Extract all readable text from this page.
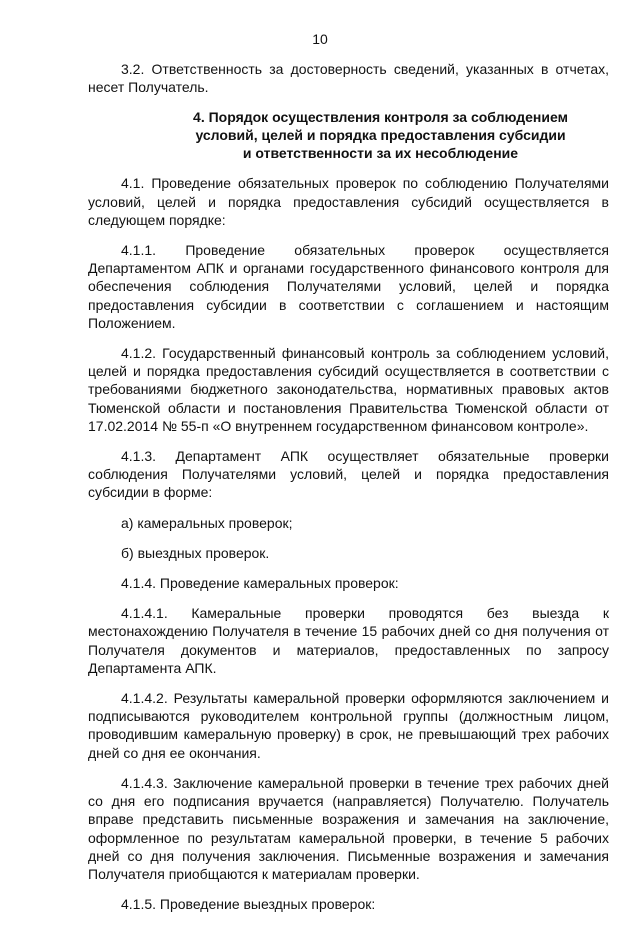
10

3.2. Ответственность за достоверность сведений, указанных в отчетах, несет Получатель.

4. Порядок осуществления контроля за соблюдением
условий, целей и порядка предоставления субсидии
и ответственности за их несоблюдение

4.1. Проведение обязательных проверок по соблюдению Получателями условий, целей и порядка предоставления субсидий осуществляется в следующем порядке:

4.1.1. Проведение обязательных проверок осуществляется Департаментом АПК и органами государственного финансового контроля для обеспечения соблюдения Получателями условий, целей и порядка предоставления субсидии в соответствии с соглашением и настоящим Положением.

4.1.2. Государственный финансовый контроль за соблюдением условий, целей и порядка предоставления субсидий осуществляется в соответствии с требованиями бюджетного законодательства, нормативных правовых актов Тюменской области и постановления Правительства Тюменской области от 17.02.2014 № 55-п «О внутреннем государственном финансовом контроле».

4.1.3. Департамент АПК осуществляет обязательные проверки соблюдения Получателями условий, целей и порядка предоставления субсидии в форме:

а) камеральных проверок;

б) выездных проверок.

4.1.4. Проведение камеральных проверок:

4.1.4.1. Камеральные проверки проводятся без выезда к местонахождению Получателя в течение 15 рабочих дней со дня получения от Получателя документов и материалов, предоставленных по запросу Департамента АПК.

4.1.4.2. Результаты камеральной проверки оформляются заключением и подписываются руководителем контрольной группы (должностным лицом, проводившим камеральную проверку) в срок, не превышающий трех рабочих дней со дня ее окончания.

4.1.4.3. Заключение камеральной проверки в течение трех рабочих дней со дня его подписания вручается (направляется) Получателю. Получатель вправе представить письменные возражения и замечания на заключение, оформленное по результатам камеральной проверки, в течение 5 рабочих дней со дня получения заключения. Письменные возражения и замечания Получателя приобщаются к материалам проверки.

4.1.5. Проведение выездных проверок:
